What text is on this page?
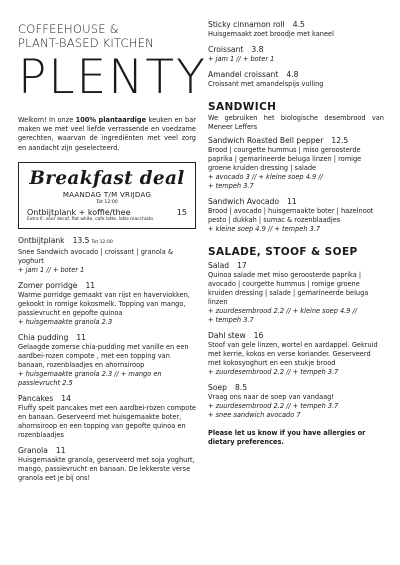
COFFEEHOUSE &
PLANT-BASED KITCHEN
PLENTY
Welkom! In onze 100% plantaardige keuken en bar maken we met veel liefde verrassende en voedzame gerechten, waarvan de ingrediënten met veel zorg en aandacht zijn geselecteerd.
Breakfast deal
MAANDAG T/M VRIJDAG
Tot 12:00
Ontbijtplank + koffie/thee	15
Extra €: voor decaf, flat white, cafe latte, latte macchiato
Ontbijtplank 13.5 Tot 12:00
Snee Sandwich avocado | croissant | granola & yoghurt
+ jam 1 // + boter 1
Zomer porridge 11
Warme porridge gemaakt van rijst en haverviokken, gekookt in romige kokosmelk. Topping van mango, passievrucht en gepofte quinoa
+ huisgemaakte granola 2.3
Chia pudding 11
Gelaagde zomerse chia-pudding met vanille en een aardbei-rozen compote , met een topping van banaan, rozenblaadjes en ahornsiroop
+ huisgemaakte granola 2.3 // + mango en passievrucht 2.5
Pancakes 14
Fluffy spelt pancakes met een aardbei-rozen compote en banaan. Geserveerd met huisgemaakte boter, ahornsiroop en een topping van gepofte quinoa en rozenblaadjes
Granola 11
Huisgemaakte granola, geserveerd met soja yoghurt, mango, passievrucht en banaan. De lekkerste verse granola eet je bij ons!
Sticky cinnamon roll 4.5
Huisgemaakt zoet broodje met kaneel
Croissant 3.8
+ jam 1 // + boter 1
Amandel croissant 4.8
Croissant met amandelspijs vulling
SANDWICH
We gebruiken het biologische desembrood van Meneer Leffers
Sandwich Roasted Bell pepper 12.5
Brood | courgette hummus | miso geroosterde paprika | gemarineerde beluga linzen | romige groene kruiden dressing | salade
+ avocado 3 // + kleine soep 4.9 //
+ tempeh 3.7
Sandwich Avocado 11
Brood | avocado | huisgemaakte boter | hazelnoot pesto | dukkah | sumac & rozenblaadjes
+ kleine soep 4.9 // + tempeh 3.7
SALADE, STOOF & SOEP
Salad 17
Quinoa salade met miso geroosterde paprika | avocado | courgette hummus | romige groene kruiden dressing | salade | gemarineerde beluga linzen
+ zuurdesembrood 2.2 // + kleine soep 4.9 //
+ tempeh 3.7
Dahl stew 16
Stoof van gele linzen, wortel en aardappel. Gekruid met kerrie, kokos en verse koriander. Geserveerd met kokosyoghurt en een stukje brood
+ zuurdesembrood 2.2 // + tempeh 3.7
Soep 8.5
Vraag ons naar de soep van vandaag!
+ zuurdesembrood 2.2 // + tempeh 3.7
+ snee sandwich avocado 7
Please let us know if you have allergies or dietary preferences.
